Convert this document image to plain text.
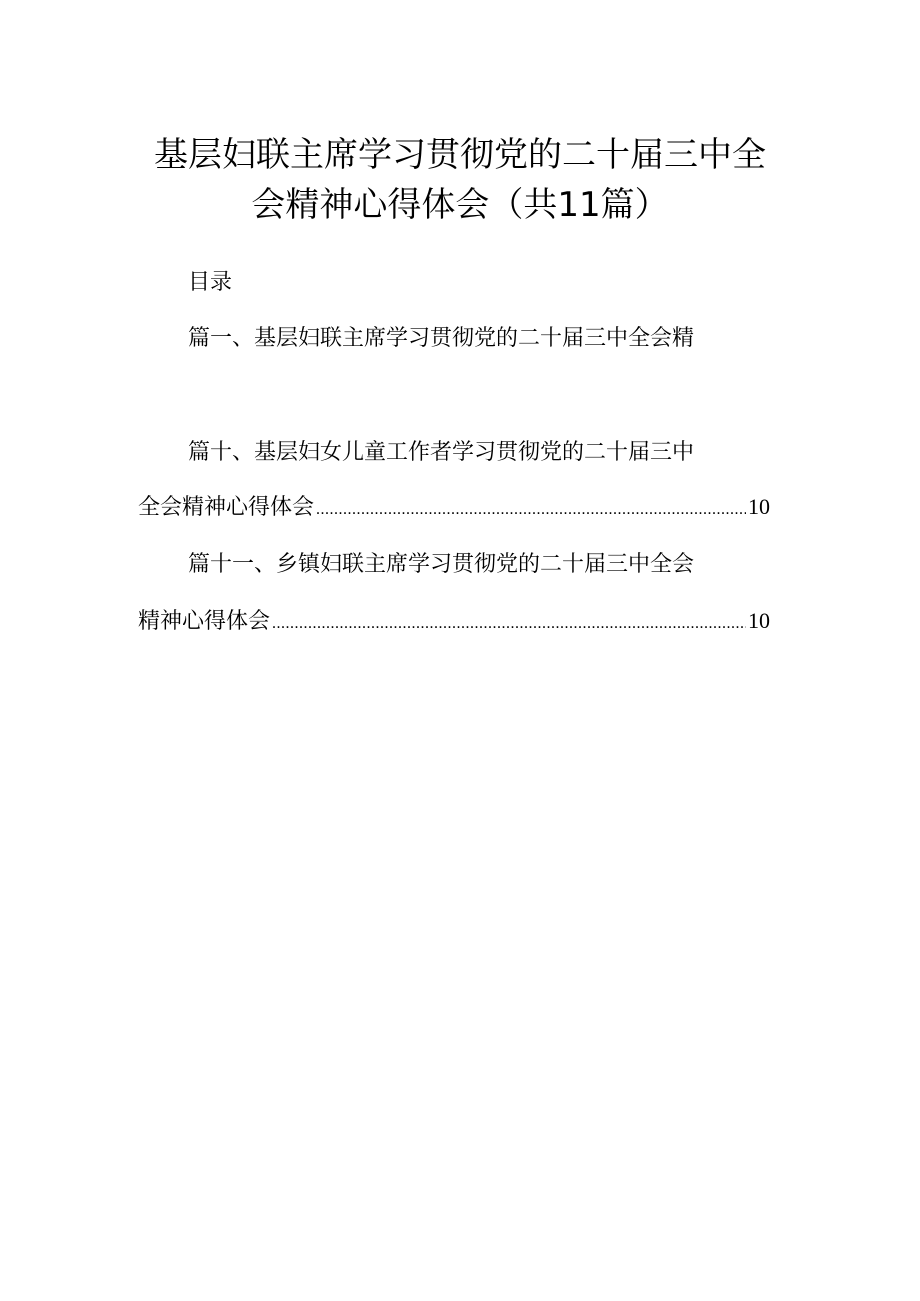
基层妇联主席学习贯彻党的二十届三中全
会精神心得体会（共11篇）
目录
篇一、基层妇联主席学习贯彻党的二十届三中全会精
篇十、基层妇女儿童工作者学习贯彻党的二十届三中
全会精神心得体会 .....	10
篇十一、乡镇妇联主席学习贯彻党的二十届三中全会
精神心得体会 .....	10
